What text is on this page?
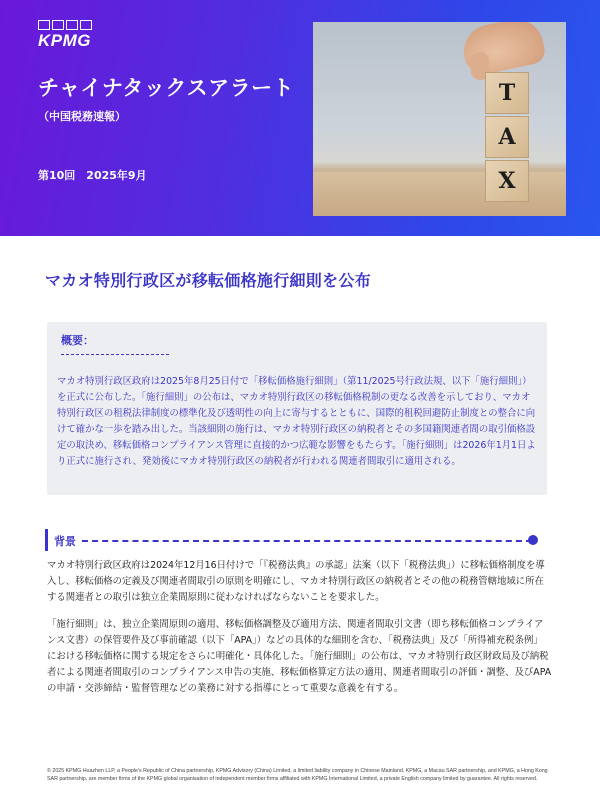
KPMG
チャイナタックスアラート
（中国税務速報）
第10回　2025年9月
T
A
X
マカオ特別行政区が移転価格施行細則を公布
概要：
マカオ特別行政区政府は2025年8月25日付で「移転価格施行細則」（第11/2025号行政法規、以下「施行細則」）を正式に公布した。「施行細則」の公布は、マカオ特別行政区の移転価格税制の更なる改善を示しており、マカオ特別行政区の租税法律制度の標準化及び透明性の向上に寄与するとともに、国際的租税回避防止制度との整合に向けて確かな一歩を踏み出した。当該細則の施行は、マカオ特別行政区の納税者とその多国籍関連者間の取引価格設定の取決め、移転価格コンプライアンス管理に直接的かつ広範な影響をもたらす。「施行細則」は2026年1月1日より正式に施行され、発効後にマカオ特別行政区の納税者が行われる関連者間取引に適用される。
背景
マカオ特別行政区政府は2024年12月16日付けで「『税務法典』の承認」法案（以下「税務法典」）に移転価格制度を導入し、移転価格の定義及び関連者間取引の原則を明確にし、マカオ特別行政区の納税者とその他の税務管轄地域に所在する関連者との取引は独立企業間原則に従わなければならないことを要求した。
「施行細則」は、独立企業間原則の適用、移転価格調整及び適用方法、関連者間取引文書（即ち移転価格コンプライアンス文書）の保管要件及び事前確認（以下「APA」）などの具体的な細則を含む、「税務法典」及び「所得補充税条例」における移転価格に関する規定をさらに明確化・具体化した。「施行細則」の公布は、マカオ特別行政区財政局及び納税者による関連者間取引のコンプライアンス申告の実施、移転価格算定方法の適用、関連者間取引の評価・調整、及びAPAの申請・交渉締結・監督管理などの業務に対する指導にとって重要な意義を有する。
© 2025 KPMG Huazhen LLP, a People's Republic of China partnership, KPMG Advisory (China) Limited, a limited liability company in Chinese Mainland, KPMG, a Macau SAR partnership, and KPMG, a Hong Kong SAR partnership, are member firms of the KPMG global organisation of independent member firms affiliated with KPMG International Limited, a private English company limited by guarantee. All rights reserved.
